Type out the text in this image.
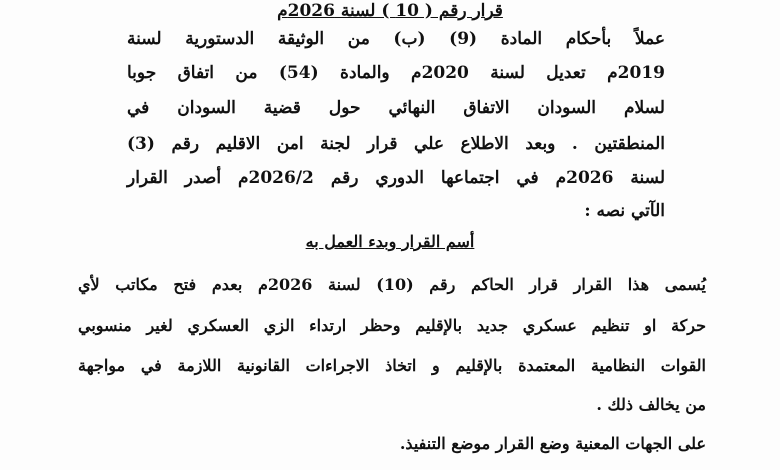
قرار رقم ( 10 ) لسنة 2026م
عملاً بأحكام المادة (9) (ب) من الوثيقة الدستورية لسنة
2019م تعديل لسنة 2020م والمادة (54) من اتفاق جوبا
لسلام السودان الاتفاق النهائي حول قضية السودان في
المنطقتين . وبعد الاطلاع علي قرار لجنة امن الاقليم رقم (3)
لسنة 2026م في اجتماعها الدوري رقم 2026/2م أصدر القرار
الآتي نصه :
أسم القرار وبدء العمل به
يُسمى هذا القرار قرار الحاكم رقم (10) لسنة 2026م بعدم فتح مكاتب لأي
حركة او تنظيم عسكري جديد بالإقليم وحظر ارتداء الزي العسكري لغير منسوبي
القوات النظامية المعتمدة بالإقليم و اتخاذ الاجراءات القانونية اللازمة في مواجهة
من يخالف ذلك .
على الجهات المعنية وضع القرار موضع التنفيذ.
